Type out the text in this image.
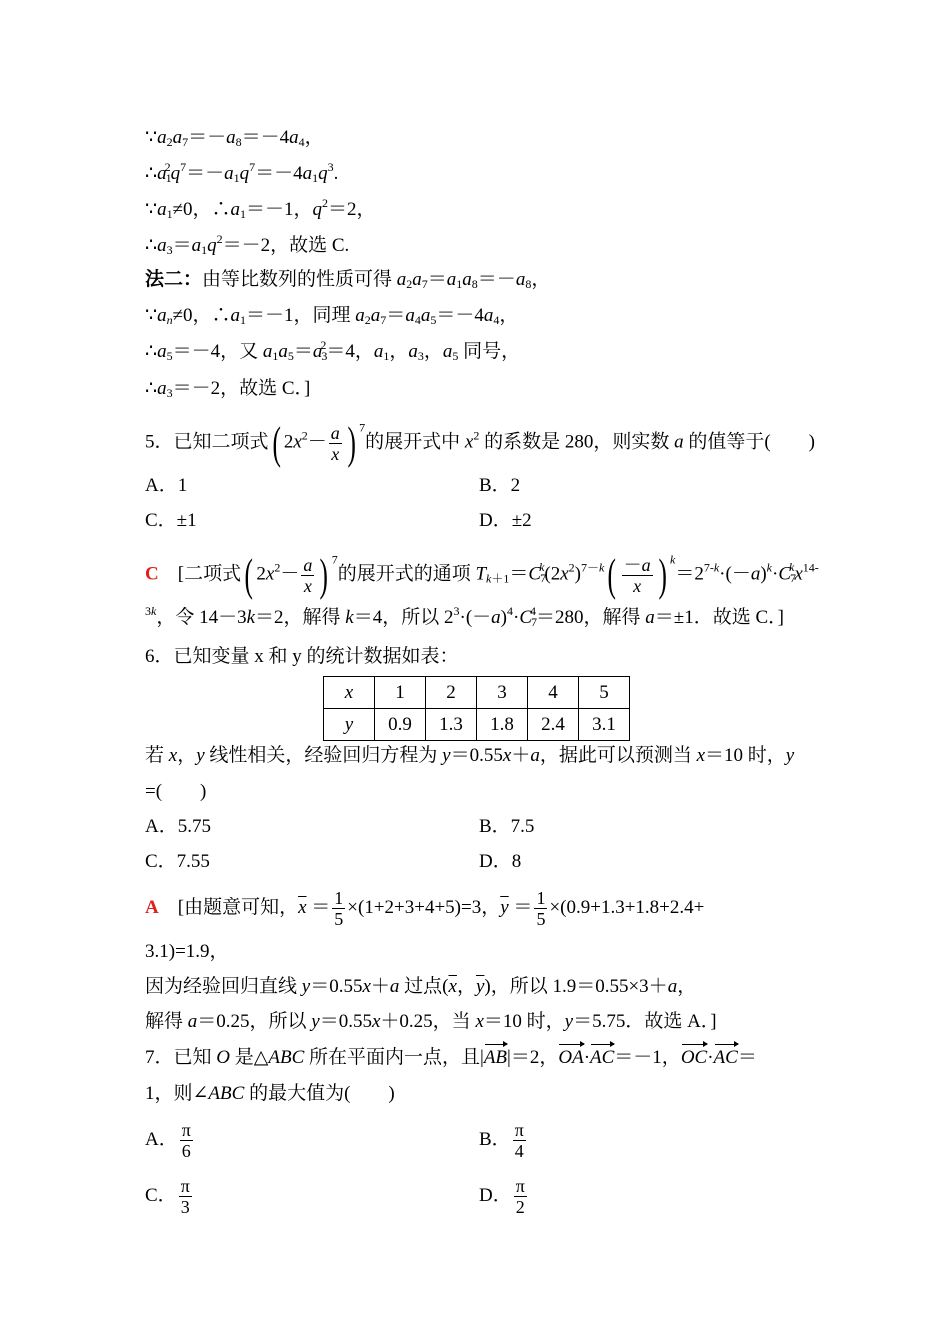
$\because a_2a_7=-a_8=-4a_4$，
$\therefore a_1^2q^7=-a_1q^7=-4a_1q^3$.
$\because a_1\ne 0$，$\therefore a_1=-1$，$q^2=2$，
$\therefore a_3=a_1q^2=-2$，故选 C.
法二：由等比数列的性质可得 $a_2a_7=a_1a_8=-a_8$，
$\because a_n\ne 0$，$\therefore a_1=-1$，同理 $a_2a_7=a_4a_5=-4a_4$，
$\therefore a_5=-4$，又 $a_1a_5=a_3^2=4$，$a_1$，$a_3$，$a_5$ 同号，
$\therefore a_3=-2$，故选 C．]
5．已知二项式( $2x^2- \frac{a}{x}$ ) $^7$的展开式中 $x^2$ 的系数是 280，则实数 a 的值等于(　　)
A．1	B．2
C．±1	D．±2
C　 [二项式( $2x^2- \frac{a}{x}$ ) $^7$的展开式的通项 $T_{k+1}=C_7^k(2x^2)^{7-k}( \frac{-a}{x}$ ) $^k=2^{7-k}\cdot(-a)^k\cdot C_7^kx^{14-}$
$^{3k}$，令 14－3k＝2，解得 k＝4，所以 $2^3\cdot(-a)^4\cdot C_7^4=280$，解得 a＝±1．故选 C．]
6．已知变量 x 和 y 的统计数据如表：
x	1	2	3	4	5
y	0.9	1.3	1.8	2.4	3.1
若 x，y 线性相关，经验回归方程为 y＝0.55x＋a，据此可以预测当 x＝10 时，y
=(　　)
A．5.75	B．7.5
C．7.55	D．8
A　 [由题意可知，$\overline{x} = \frac{1}{5} \times(1+2+3+4+5)=3$，$\overline{y} = \frac{1}{5} \times(0.9+1.3+1.8+2.4+$
3.1)=1.9，
因为经验回归直线 y＝0.55x＋a 过点($\overline{x}$，$\overline{y}$)，所以 1.9＝0.55×3＋a，
解得 a＝0.25，所以 y＝0.55x＋0.25，当 x＝10 时，y＝5.75．故选 A．]
7．已知 O 是△ABC 所在平面内一点，且|AB|＝2，OA·AC＝－1，OC·AC＝
1，则∠ABC 的最大值为(　　)
A． $\frac{\pi}{6}$	B． $\frac{\pi}{4}$
C． $\frac{\pi}{3}$	D． $\frac{\pi}{2}$
